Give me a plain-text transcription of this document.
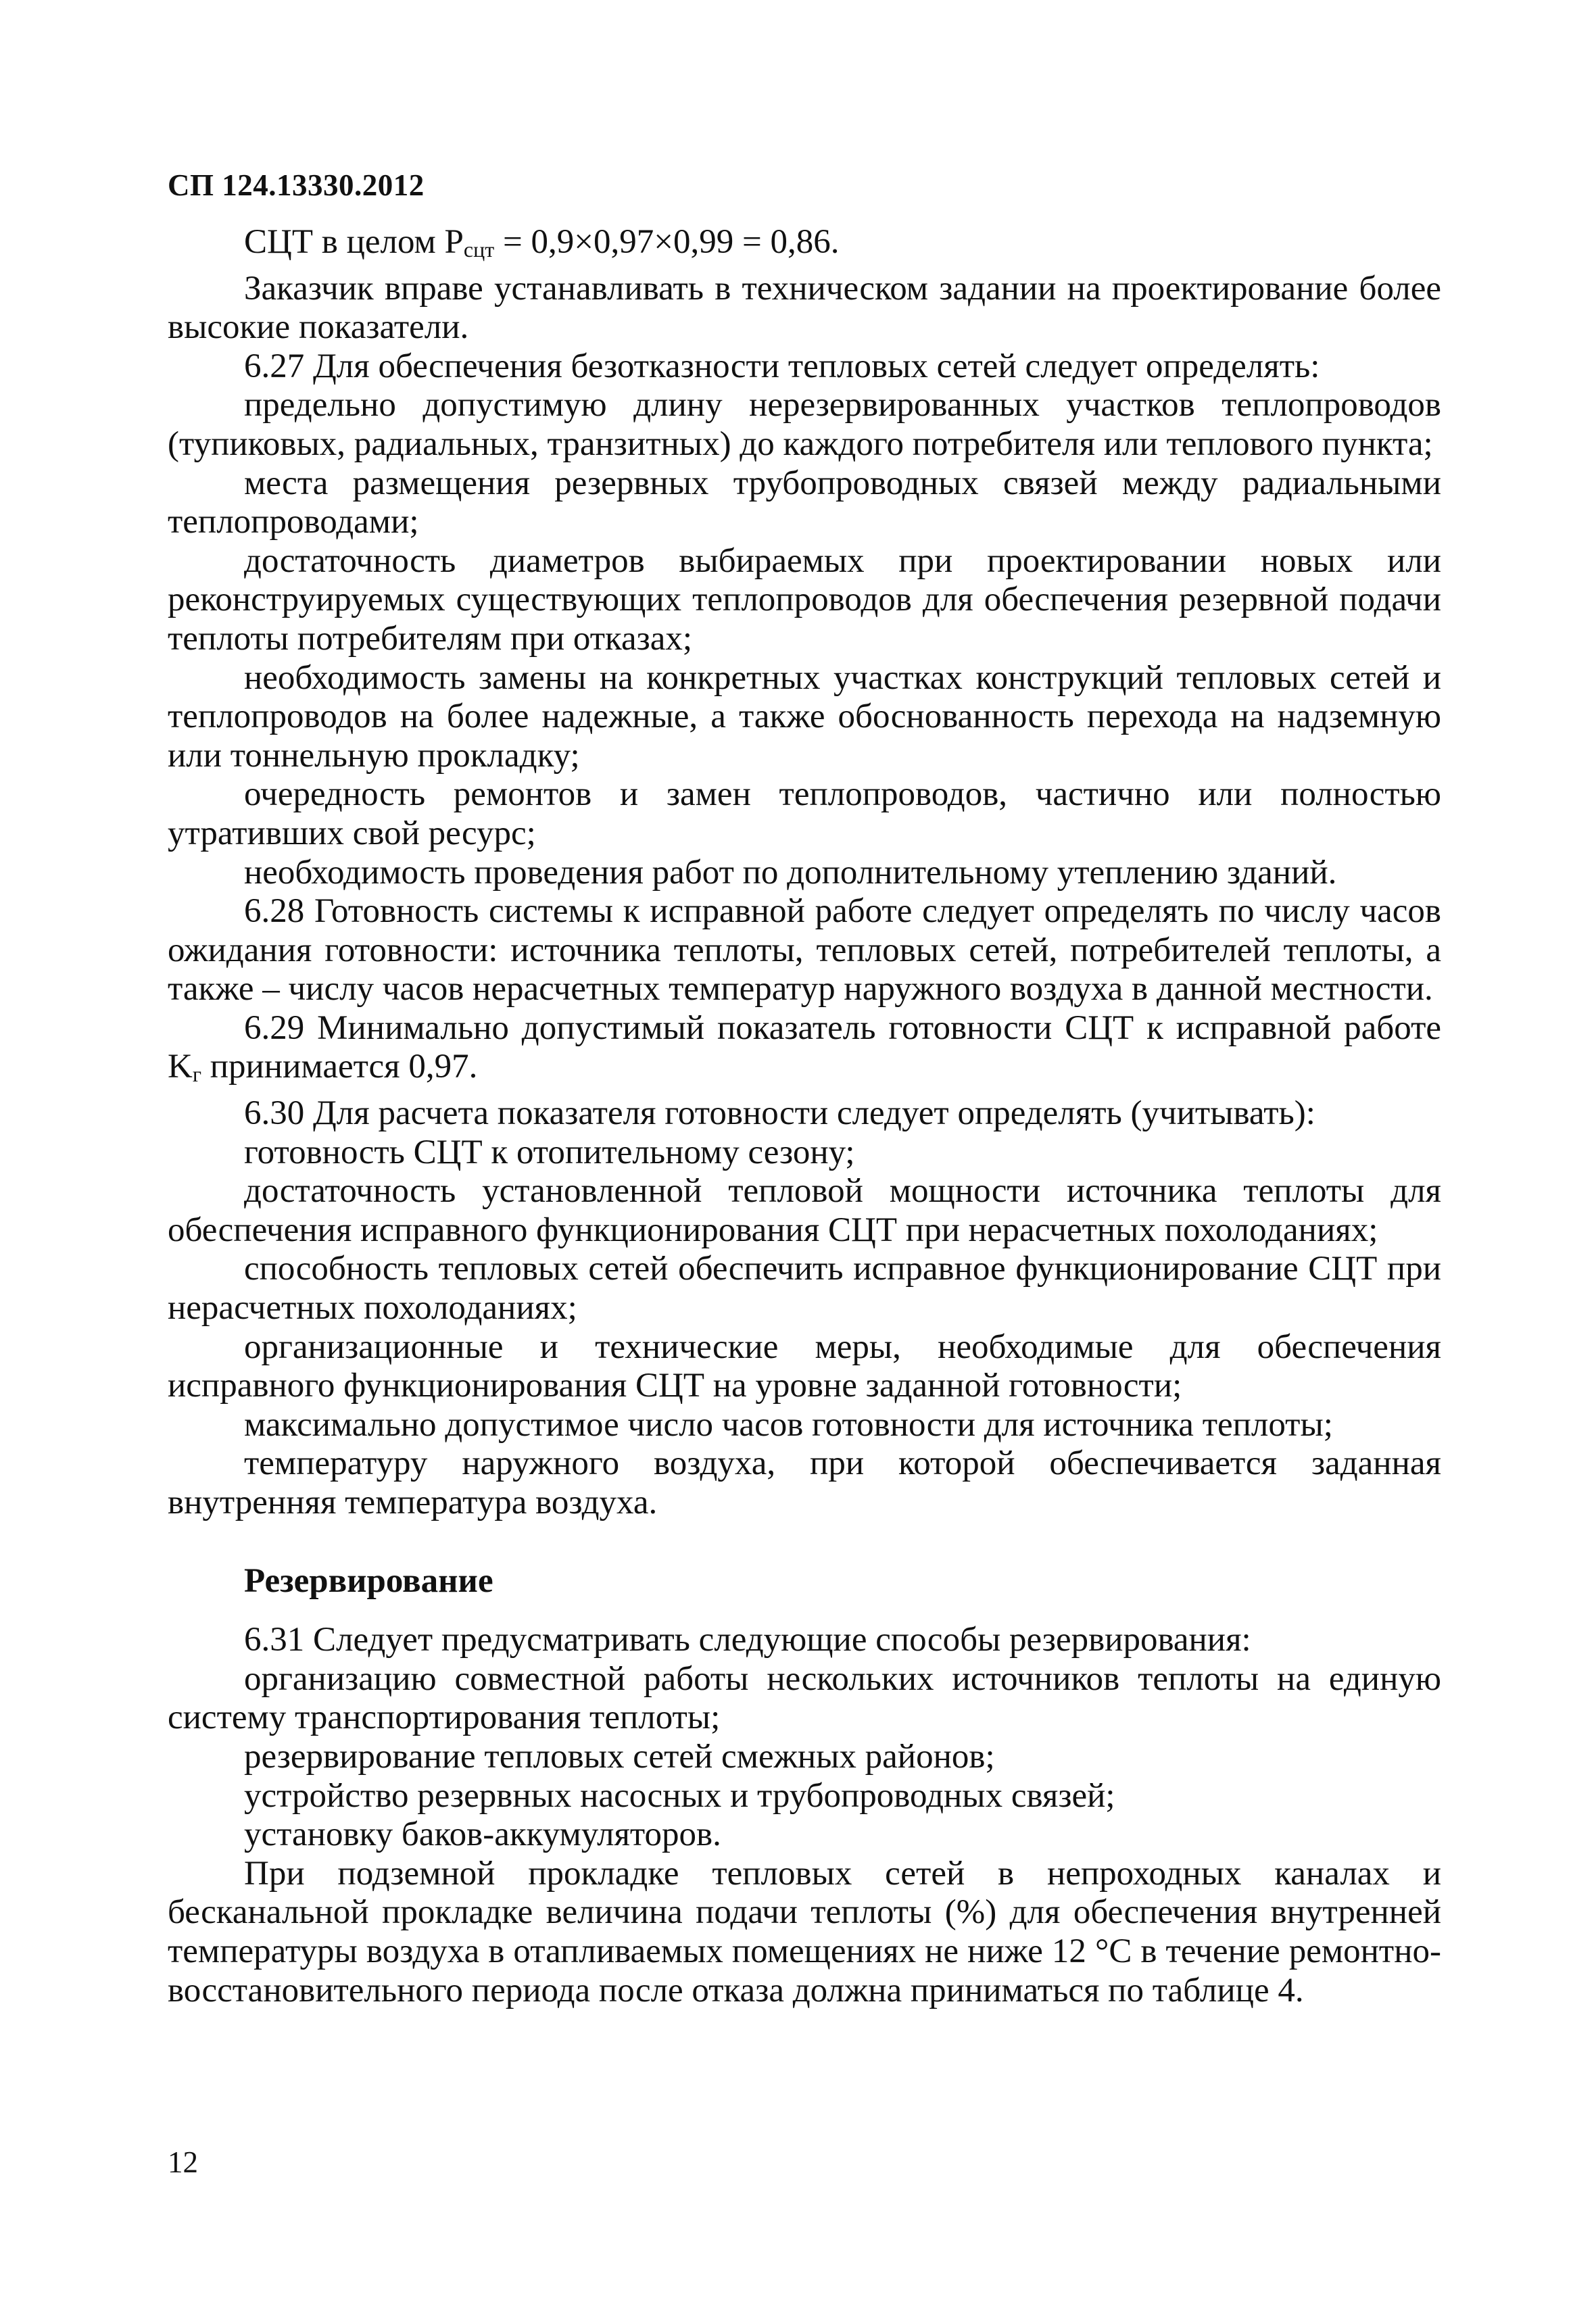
СП 124.13330.2012

СЦТ в целом $P_{сцт} = 0,9\times 0,97\times 0,99 = 0,86$.

Заказчик вправе устанавливать в техническом задании на проектирование более высокие показатели.

6.27 Для обеспечения безотказности тепловых сетей следует определять:

предельно допустимую длину нерезервированных участков теплопроводов (тупиковых, радиальных, транзитных) до каждого потребителя или теплового пункта;

места размещения резервных трубопроводных связей между радиальными теплопроводами;

достаточность диаметров выбираемых при проектировании новых или реконструируемых существующих теплопроводов для обеспечения резервной подачи теплоты потребителям при отказах;

необходимость замены на конкретных участках конструкций тепловых сетей и теплопроводов на более надежные, а также обоснованность перехода на надземную или тоннельную прокладку;

очередность ремонтов и замен теплопроводов, частично или полностью утративших свой ресурс;

необходимость проведения работ по дополнительному утеплению зданий.

6.28 Готовность системы к исправной работе следует определять по числу часов ожидания готовности: источника теплоты, тепловых сетей, потребителей теплоты, а также – числу часов нерасчетных температур наружного воздуха в данной местности.

6.29 Минимально допустимый показатель готовности СЦТ к исправной работе $K_г$ принимается 0,97.

6.30 Для расчета показателя готовности следует определять (учитывать):

готовность СЦТ к отопительному сезону;

достаточность установленной тепловой мощности источника теплоты для обеспечения исправного функционирования СЦТ при нерасчетных похолоданиях;

способность тепловых сетей обеспечить исправное функционирование СЦТ при нерасчетных похолоданиях;

организационные и технические меры, необходимые для обеспечения исправного функционирования СЦТ на уровне заданной готовности;

максимально допустимое число часов готовности для источника теплоты;

температуру наружного воздуха, при которой обеспечивается заданная внутренняя температура воздуха.

Резервирование

6.31 Следует предусматривать следующие способы резервирования:

организацию совместной работы нескольких источников теплоты на единую систему транспортирования теплоты;

резервирование тепловых сетей смежных районов;

устройство резервных насосных и трубопроводных связей;

установку баков-аккумуляторов.

При подземной прокладке тепловых сетей в непроходных каналах и бесканальной прокладке величина подачи теплоты (%) для обеспечения внутренней температуры воздуха в отапливаемых помещениях не ниже 12 °С в течение ремонтно-восстановительного периода после отказа должна приниматься по таблице 4.

12
